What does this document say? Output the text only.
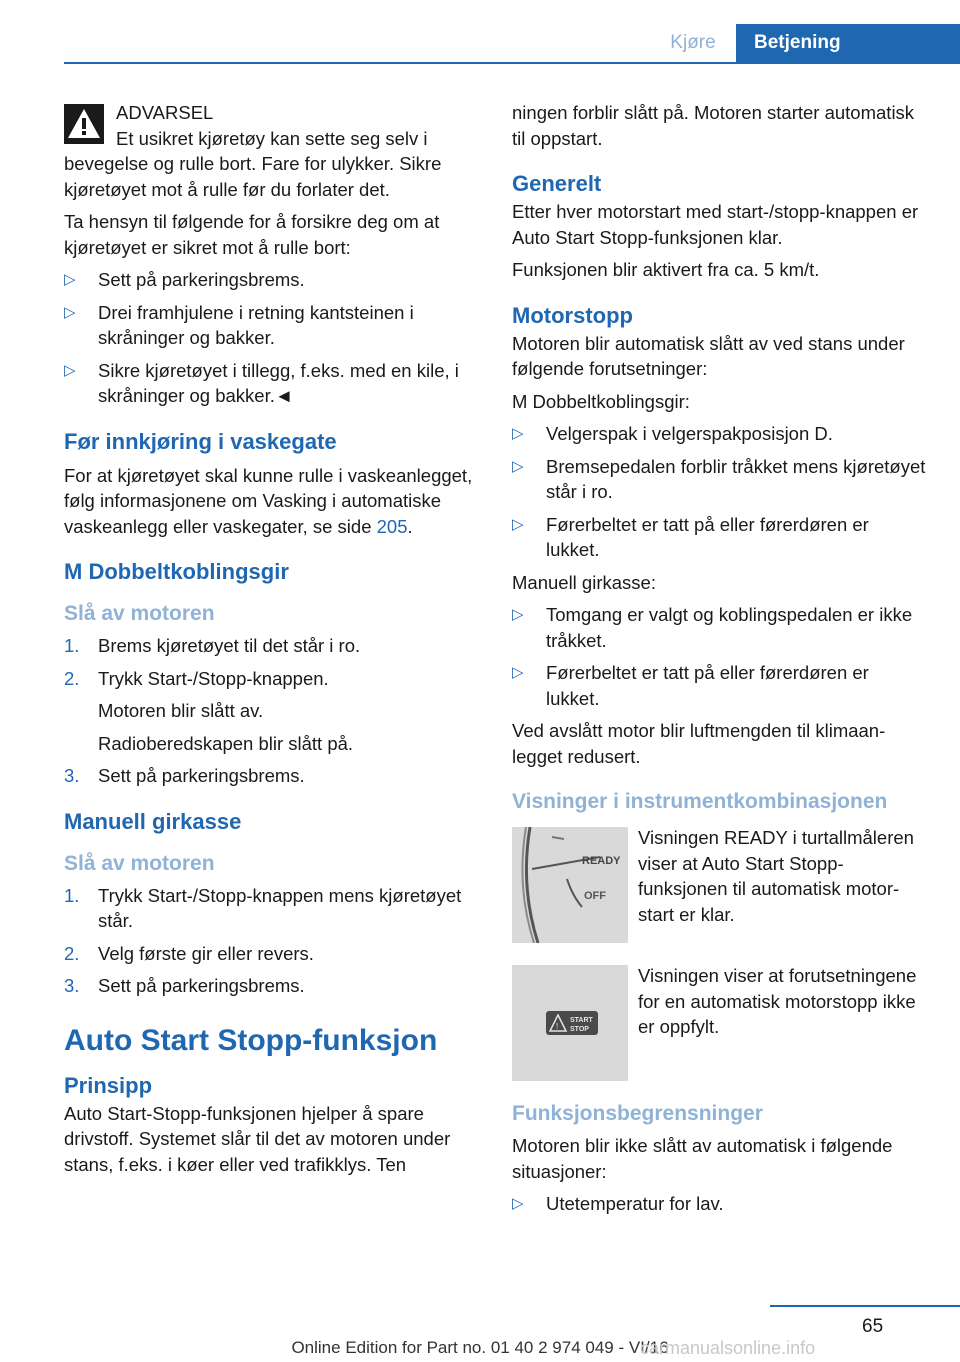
Kjøre	Betjening
ADVARSEL
Et usikret kjøretøy kan sette seg selv i

bevegelse og rulle bort. Fare for ulykker. Sikre kjøretøyet mot å rulle før du forlater det.

Ta hensyn til følgende for å forsikre deg om at kjøretøyet er sikret mot å rulle bort:

▷ Sett på parkeringsbrems.
▷ Drei framhjulene i retning kantsteinen i skråninger og bakker.
▷ Sikre kjøretøyet i tillegg, f.eks. med en kile, i skråninger og bakker.◄
Før innkjøring i vaskegate

For at kjøretøyet skal kunne rulle i vaskeanlegget, følg informasjonene om Vasking i automatiske vaskeanlegg eller vaskegater, se side 205.

M Dobbeltkoblingsgir
Slå av motoren
1. Brems kjøretøyet til det står i ro.
2. Trykk Start-/Stopp-knappen.
Motoren blir slått av.
Radioberedskapen blir slått på.
3. Sett på parkeringsbrems.
Manuell girkasse
Slå av motoren
1. Trykk Start-/Stopp-knappen mens kjøretøyet står.
2. Velg første gir eller revers.
3. Sett på parkeringsbrems.
Auto Start Stopp-funksjon
Prinsipp

Auto Start-Stopp-funksjonen hjelper å spare drivstoff. Systemet slår til det av motoren under stans, f.eks. i køer eller ved trafikklys. Ten

ningen forblir slått på. Motoren starter automatisk til oppstart.

Generelt

Etter hver motorstart med start-/stopp-knappen er Auto Start Stopp-funksjonen klar.

Funksjonen blir aktivert fra ca. 5 km/t.

Motorstopp

Motoren blir automatisk slått av ved stans under følgende forutsetninger:

M Dobbeltkoblingsgir:

▷ Velgerspak i velgerspakposisjon D.
▷ Bremsepedalen forblir tråkket mens kjøretøyet står i ro.
▷ Førerbeltet er tatt på eller førerdøren er lukket.

Manuell girkasse:

▷ Tomgang er valgt og koblingspedalen er ikke tråkket.
▷ Førerbeltet er tatt på eller førerdøren er lukket.

Ved avslått motor blir luftmengden til klimaanlegget redusert.

Visninger i instrumentkombinasjonen
READY
OFF
Visningen READY i turtallmåleren viser at Auto Start Stopp-funksjonen til automatisk motorstart er klar.
!
START
STOP
Visningen viser at forutsetningene for en automatisk motorstopp ikke er oppfylt.
Funksjonsbegrensninger

Motoren blir ikke slått av automatisk i følgende situasjoner:

▷ Utetemperatur for lav.
65
Online Edition for Part no. 01 40 2 974 049 - VI/16
carmanualsonline.info
